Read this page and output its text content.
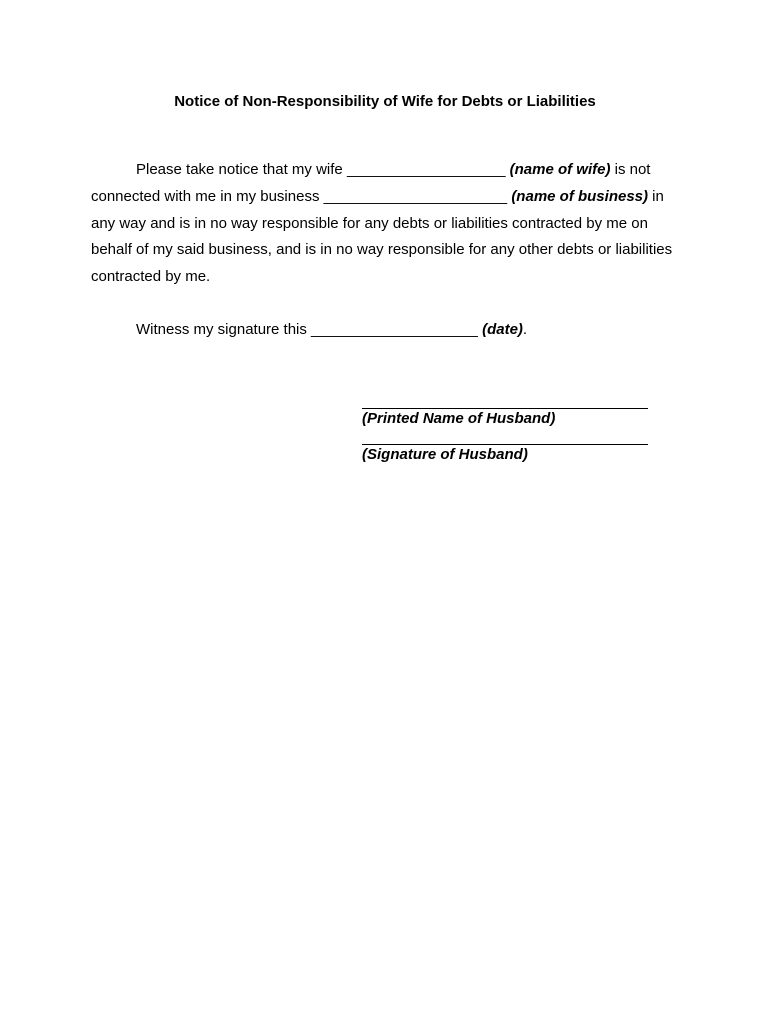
Notice of Non-Responsibility of Wife for Debts or Liabilities
Please take notice that my wife ___________________ (name of wife) is not
connected with me in my business ______________________ (name of business) in
any way and is in no way responsible for any debts or liabilities contracted by me on
behalf of my said business, and is in no way responsible for any other debts or liabilities
contracted by me.
Witness my signature this ____________________ (date).
(Printed Name of Husband)
(Signature of Husband)
